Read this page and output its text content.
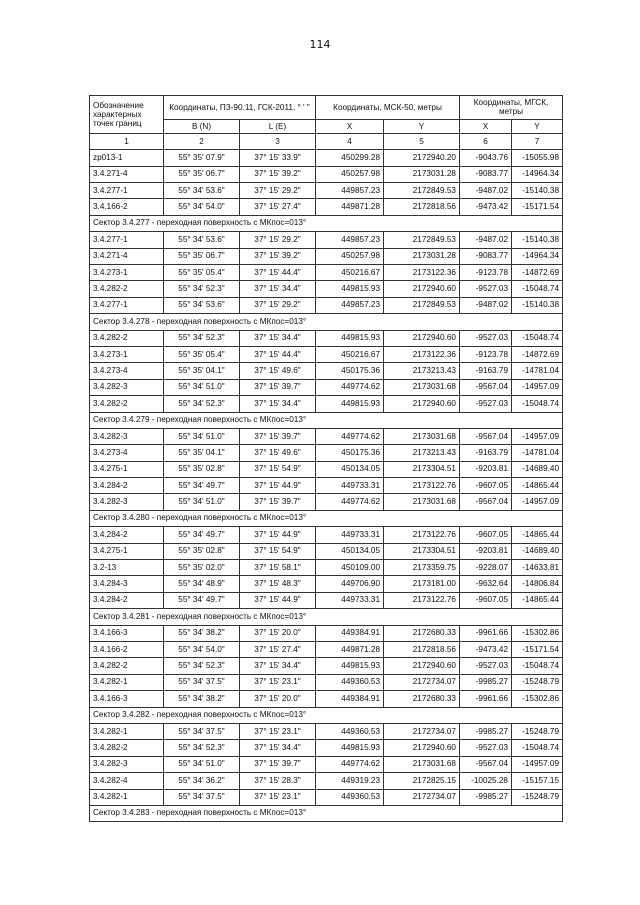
114
Обозначение характерных точек границ	Координаты, ПЗ-90.11, ГСК-2011, ° ' "		Координаты, МСК-50, метры		Координаты, МГСК, метры	
	B (N)	L (E)	X	Y	X	Y
1	2	3	4	5	6	7
zp013-1	55° 35' 07.9"	37° 15' 33.9"	450299.28	2172940.20	-9043.76	-15055.98
3.4.271-4	55° 35' 06.7"	37° 15' 39.2"	450257.98	2173031.28	-9083.77	-14964.34
3.4.277-1	55° 34' 53.6"	37° 15' 29.2"	449857.23	2172849.53	-9487.02	-15140.38
3.4.166-2	55° 34' 54.0"	37° 15' 27.4"	449871.28	2172818.56	-9473.42	-15171.54
Сектор 3.4.277 - переходная поверхность с МКпос=013°						
3.4.277-1	55° 34' 53.6"	37° 15' 29.2"	449857.23	2172849.53	-9487.02	-15140.38
3.4.271-4	55° 35' 06.7"	37° 15' 39.2"	450257.98	2173031.28	-9083.77	-14964.34
3.4.273-1	55° 35' 05.4"	37° 15' 44.4"	450216.67	2173122.36	-9123.78	-14872.69
3.4.282-2	55° 34' 52.3"	37° 15' 34.4"	449815.93	2172940.60	-9527.03	-15048.74
3.4.277-1	55° 34' 53.6"	37° 15' 29.2"	449857.23	2172849.53	-9487.02	-15140.38
Сектор 3.4.278 - переходная поверхность с МКпос=013°						
3.4.282-2	55° 34' 52.3"	37° 15' 34.4"	449815.93	2172940.60	-9527.03	-15048.74
3.4.273-1	55° 35' 05.4"	37° 15' 44.4"	450216.67	2173122.36	-9123.78	-14872.69
3.4.273-4	55° 35' 04.1"	37° 15' 49.6"	450175.36	2173213.43	-9163.79	-14781.04
3.4.282-3	55° 34' 51.0"	37° 15' 39.7"	449774.62	2173031.68	-9567.04	-14957.09
3.4.282-2	55° 34' 52.3"	37° 15' 34.4"	449815.93	2172940.60	-9527.03	-15048.74
Сектор 3.4.279 - переходная поверхность с МКпос=013°						
3.4.282-3	55° 34' 51.0"	37° 15' 39.7"	449774.62	2173031.68	-9567.04	-14957.09
3.4.273-4	55° 35' 04.1"	37° 15' 49.6"	450175.36	2173213.43	-9163.79	-14781.04
3.4.275-1	55° 35' 02.8"	37° 15' 54.9"	450134.05	2173304.51	-9203.81	-14689.40
3.4.284-2	55° 34' 49.7"	37° 15' 44.9"	449733.31	2173122.76	-9607.05	-14865.44
3.4.282-3	55° 34' 51.0"	37° 15' 39.7"	449774.62	2173031.68	-9567.04	-14957.09
Сектор 3.4.280 - переходная поверхность с МКпос=013°						
3.4.284-2	55° 34' 49.7"	37° 15' 44.9"	449733.31	2173122.76	-9607.05	-14865.44
3.4.275-1	55° 35' 02.8"	37° 15' 54.9"	450134.05	2173304.51	-9203.81	-14689.40
3.2-13	55° 35' 02.0"	37° 15' 58.1"	450109.00	2173359.75	-9228.07	-14633.81
3.4.284-3	55° 34' 48.9"	37° 15' 48.3"	449706.90	2173181.00	-9632.64	-14806.84
3.4.284-2	55° 34' 49.7"	37° 15' 44.9"	449733.31	2173122.76	-9607.05	-14865.44
Сектор 3.4.281 - переходная поверхность с МКпос=013°						
3.4.166-3	55° 34' 38.2"	37° 15' 20.0"	449384.91	2172680.33	-9961.66	-15302.86
3.4.166-2	55° 34' 54.0"	37° 15' 27.4"	449871.28	2172818.56	-9473.42	-15171.54
3.4.282-2	55° 34' 52.3"	37° 15' 34.4"	449815.93	2172940.60	-9527.03	-15048.74
3.4.282-1	55° 34' 37.5"	37° 15' 23.1"	449360.53	2172734.07	-9985.27	-15248.79
3.4.166-3	55° 34' 38.2"	37° 15' 20.0"	449384.91	2172680.33	-9961.66	-15302.86
Сектор 3.4.282 - переходная поверхность с МКпос=013°						
3.4.282-1	55° 34' 37.5"	37° 15' 23.1"	449360.53	2172734.07	-9985.27	-15248.79
3.4.282-2	55° 34' 52.3"	37° 15' 34.4"	449815.93	2172940.60	-9527.03	-15048.74
3.4.282-3	55° 34' 51.0"	37° 15' 39.7"	449774.62	2173031.68	-9567.04	-14957.09
3.4.282-4	55° 34' 36.2"	37° 15' 28.3"	449319.23	2172825.15	-10025.28	-15157.15
3.4.282-1	55° 34' 37.5"	37° 15' 23.1"	449360.53	2172734.07	-9985.27	-15248.79
Сектор 3.4.283 - переходная поверхность с МКпос=013°						
